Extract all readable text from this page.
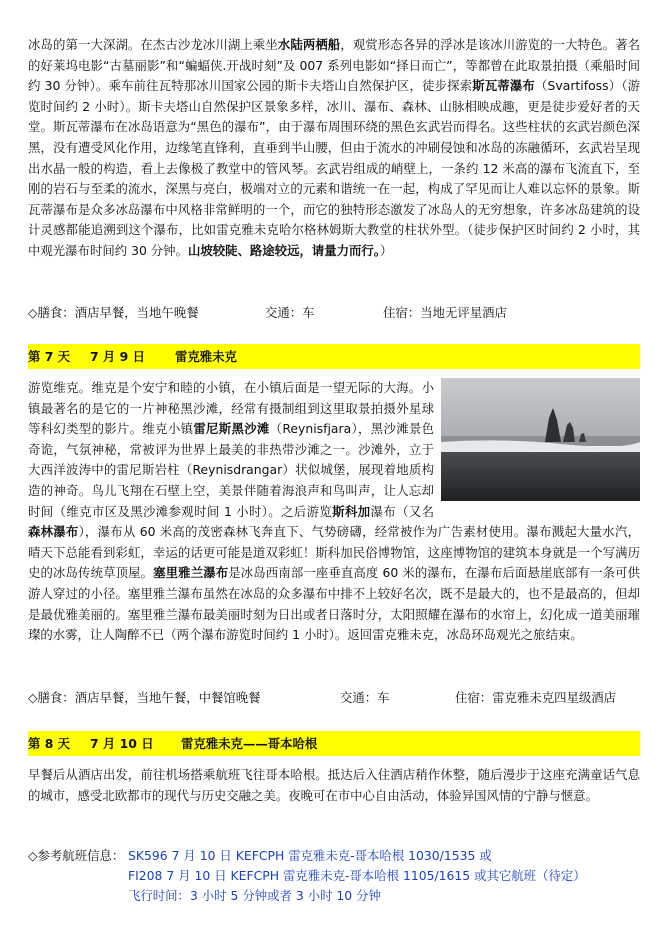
冰岛的第一大深湖。在杰古沙龙冰川湖上乘坐水陆两栖船，观赏形态各异的浮冰是该冰川游览的一大特色。著名的好莱坞电影“古墓丽影”和“蝙蝠侠.开战时刻”及 007 系列电影如“择日而亡”，等都曾在此取景拍摄（乘船时间约 30 分钟）。乘车前往瓦特那冰川国家公园的斯卡夫塔山自然保护区，徒步探索斯瓦蒂瀑布（Svartifoss）（游览时间约 2 小时）。斯卡夫塔山自然保护区景象多样，冰川、瀑布、森林、山脉相映成趣，更是徒步爱好者的天堂。斯瓦蒂瀑布在冰岛语意为“黑色的瀑布”，由于瀑布周围环绕的黑色玄武岩而得名。这些柱状的玄武岩颜色深黑，没有遭受风化作用，边缘笔直锋利，直垂到半山腰，但由于流水的冲刷侵蚀和冰岛的冻融循环，玄武岩呈现出水晶一般的构造，看上去像极了教堂中的管风琴。玄武岩组成的峭壁上，一条约 12 米高的瀑布飞流直下，至刚的岩石与至柔的流水，深黑与亮白，极端对立的元素和谐统一在一起，构成了罕见而让人难以忘怀的景象。斯瓦蒂瀑布是众多冰岛瀑布中风格非常鲜明的一个，而它的独特形态激发了冰岛人的无穷想象，许多冰岛建筑的设计灵感都能追溯到这个瀑布，比如雷克雅未克哈尔格林姆斯大教堂的柱状外型。（徒步保护区时间约 2 小时，其中观光瀑布时间约 30 分钟。山坡较陡、路途较远，请量力而行。）

◇膳食：酒店早餐，当地午晚餐	交通：车	住宿：当地无评星酒店
第 7 天 7 月 9 日 雷克雅未克

游览维克。维克是个安宁和睦的小镇，在小镇后面是一望无际的大海。小镇最著名的是它的一片神秘黑沙滩，经常有摄制组到这里取景拍摄外星球等科幻类型的影片。维克小镇雷尼斯黑沙滩（Reynisfjara），黑沙滩景色奇诡，气氛神秘，常被评为世界上最美的非热带沙滩之一。沙滩外，立于大西洋波涛中的雷尼斯岩柱（Reynisdrangar）状似城堡，展现着地质构造的神奇。鸟儿飞翔在石壁上空，美景伴随着海浪声和鸟叫声，让人忘却时间（维克市区及黑沙滩参观时间 1 小时）。之后游览斯科加瀑布（又名森林瀑布），瀑布从 60 米高的茂密森林飞奔直下、气势磅礴，经常被作为广告素材使用。瀑布溅起大量水汽，晴天下总能看到彩虹，幸运的话更可能是道双彩虹！斯科加民俗博物馆，这座博物馆的建筑本身就是一个写满历史的冰岛传统草顶屋。塞里雅兰瀑布是冰岛西南部一座垂直高度 60 米的瀑布，在瀑布后面悬崖底部有一条可供游人穿过的小径。塞里雅兰瀑布虽然在冰岛的众多瀑布中排不上较好名次，既不是最大的，也不是最高的，但却是最优雅美丽的。塞里雅兰瀑布最美丽时刻为日出或者日落时分，太阳照耀在瀑布的水帘上，幻化成一道美丽璀璨的水雾，让人陶醉不已（两个瀑布游览时间约 1 小时）。返回雷克雅未克，冰岛环岛观光之旅结束。

◇膳食：酒店早餐，当地午餐，中餐馆晚餐	交通：车	住宿：雷克雅未克四星级酒店
第 8 天 7 月 10 日 雷克雅未克——哥本哈根

早餐后从酒店出发，前往机场搭乘航班飞往哥本哈根。抵达后入住酒店稍作休整，随后漫步于这座充满童话气息的城市，感受北欧都市的现代与历史交融之美。夜晚可在市中心自由活动，体验异国风情的宁静与惬意。

◇参考航班信息： SK596 7 月 10 日 KEFCPH 雷克雅未克-哥本哈根 1030/1535 或
FI208 7 月 10 日 KEFCPH 雷克雅未克-哥本哈根 1105/1615 或其它航班（待定）
飞行时间：3 小时 5 分钟或者 3 小时 10 分钟
